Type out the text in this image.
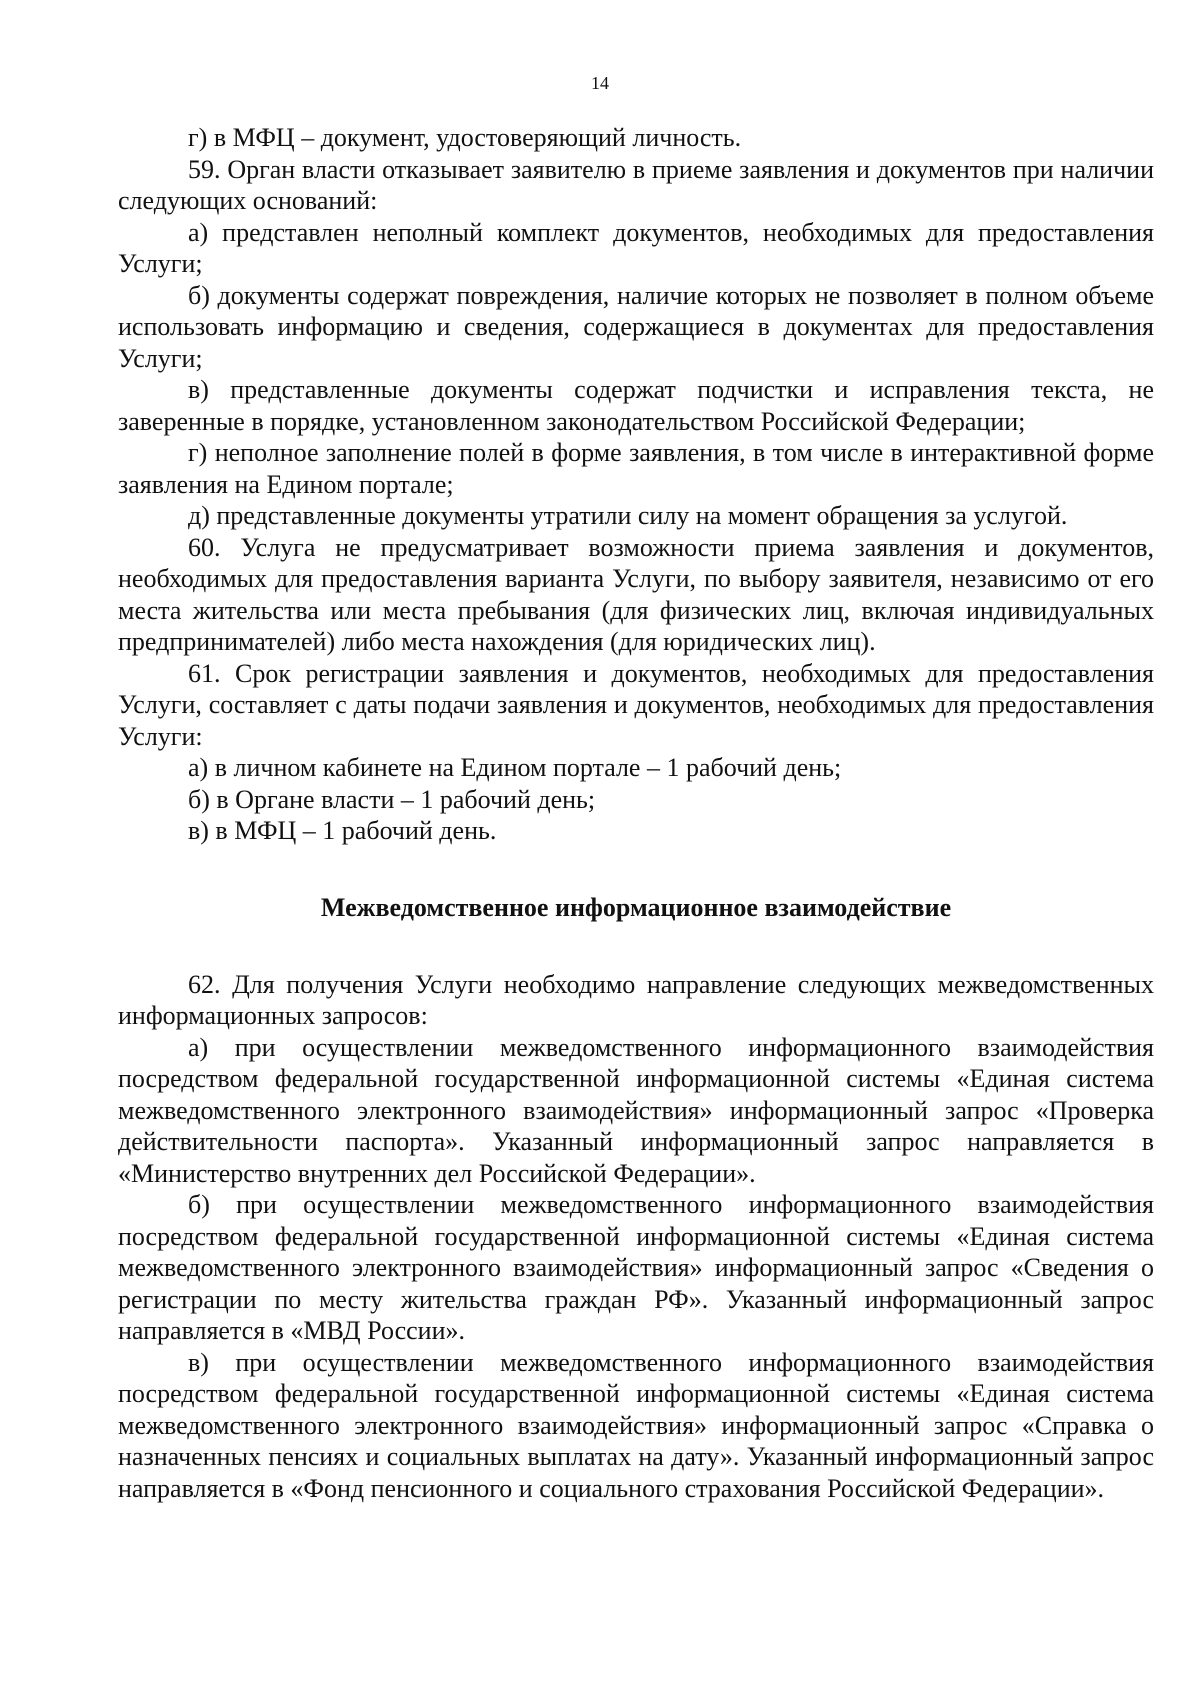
14

г) в МФЦ – документ, удостоверяющий личность.

59. Орган власти отказывает заявителю в приеме заявления и документов при наличии следующих оснований:

а) представлен неполный комплект документов, необходимых для предоставления Услуги;

б) документы содержат повреждения, наличие которых не позволяет в полном объеме использовать информацию и сведения, содержащиеся в документах для предоставления Услуги;

в) представленные документы содержат подчистки и исправления текста, не заверенные в порядке, установленном законодательством Российской Федерации;

г) неполное заполнение полей в форме заявления, в том числе в интерактивной форме заявления на Едином портале;

д) представленные документы утратили силу на момент обращения за услугой.

60. Услуга не предусматривает возможности приема заявления и документов, необходимых для предоставления варианта Услуги, по выбору заявителя, независимо от его места жительства или места пребывания (для физических лиц, включая индивидуальных предпринимателей) либо места нахождения (для юридических лиц).

61. Срок регистрации заявления и документов, необходимых для предоставления Услуги, составляет с даты подачи заявления и документов, необходимых для предоставления Услуги:

а) в личном кабинете на Едином портале – 1 рабочий день;

б) в Органе власти – 1 рабочий день;

в) в МФЦ – 1 рабочий день.

Межведомственное информационное взаимодействие

62. Для получения Услуги необходимо направление следующих межведомственных информационных запросов:

а) при осуществлении межведомственного информационного взаимодействия посредством федеральной государственной информационной системы «Единая система межведомственного электронного взаимодействия» информационный запрос «Проверка действительности паспорта». Указанный информационный запрос направляется в «Министерство внутренних дел Российской Федерации».

б) при осуществлении межведомственного информационного взаимодействия посредством федеральной государственной информационной системы «Единая система межведомственного электронного взаимодействия» информационный запрос «Сведения о регистрации по месту жительства граждан РФ». Указанный информационный запрос направляется в «МВД России».

в) при осуществлении межведомственного информационного взаимодействия посредством федеральной государственной информационной системы «Единая система межведомственного электронного взаимодействия» информационный запрос «Справка о назначенных пенсиях и социальных выплатах на дату». Указанный информационный запрос направляется в «Фонд пенсионного и социального страхования Российской Федерации».
